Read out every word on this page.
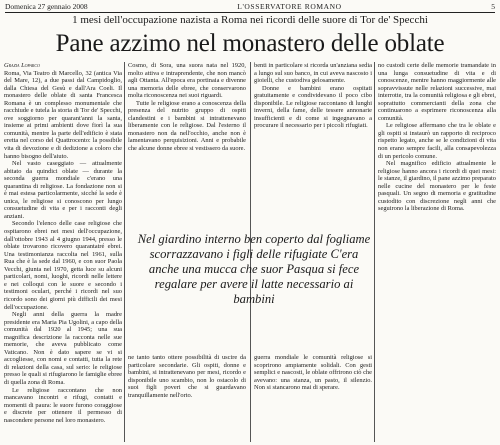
Domenica 27 gennaio 2008	L'OSSERVATORE ROMANO	5
1 mesi dell'occupazione nazista a Roma nei ricordi delle suore di Tor de' Specchi
Pane azzimo nel monastero delle oblate

Grazia Loparco

Roma, Via Teatro di Marcello, 32 (antica Via del Mare, 12), a due passi dal Campidoglio, dalla Chiesa del Gesù e dall'Ara Coeli. Il monastero delle oblate di santa Francesca Romana è un complesso monumentale che racchiude e tutela la storia di Tor de' Specchi, ove soggiorno per quarant'anni la santa, insieme ai primi ambienti dove fiorì la sua comunità, mentre la parte dell'edificio è stata eretta nel corso del Quattrocento: la possibile vita di devozione e di dedizione a coloro che hanno bisogno dell'aiuto.

Nel vasto caseggiato — attualmente abitato da quindici oblate — durante la seconda guerra mondiale c'erano una quarantina di religiose. La fondazione non si è mai estesa particolarmente, sicché la sede è unica, le religiose si conoscono per lungo consuetudine di vita e per i racconti degli anziani.

Secondo l'elenco delle case religiose che ospitarono ebrei nei mesi dell'occupazione, dall'ottobre 1943 al 4 giugno 1944, presso le oblate trovarono ricovero quarantatré ebrei. Una testimonianza raccolta nel 1961, sulla Rua che è la sede dal 1960, e con suor Paola Vecchi, giunta nel 1970, getta luce su alcuni particolari, nomi, luoghi, ricordi nelle lettere e nei colloqui con le suore e secondo i testimoni oculari, perché i ricordi nel suo ricordo sono dei giorni più difficili dei mesi dell'occupazione.

Negli anni della guerra la madre presidente era Maria Pia Ugolini, a capo della comunità dal 1920 al 1945; una sua magnifica descrizione la racconta nelle sue memorie, che aveva pubblicato come Vaticano. Non è dato sapere se vi si accogliesse, con nomi e contatti, tutta la rete di relazioni della casa, sul serio: le religiose presso le quali si rifugiarono le famiglie ebree di quella zona di Roma.

Le religiose raccontano che non mancavano incontri e rifugi, contatti e momenti di paura: le suore furono coraggiose e discrete per ottenere il permesso di nascondere persone nel loro monastero.

Cosmo, di Sora, una suora nata nel 1920, molto attiva e intraprendente, che non mancò agli Ottanta. All'epoca era portinaia e divenne una memoria delle ebree, che conservarono molta riconoscenza nei suoi riguardi.

Tutte le religiose erano a conoscenza della presenza del nutrito gruppo di ospiti clandestini e i bambini si intrattenevano liberamente con le religiose. Dal l'esterno il monastero non da nell'occhio, anche non è lamentavano perquisizioni. Anni e probabile che alcune donne ebree si vestissero da suore.

benti in particolare si ricorda un'anziana sedia a lungo sul suo banco, in cui aveva nascosto i gioielli, che custodiva gelosamente.

Donne e bambini erano ospitati gratuitamente e condividevano il poco cibo disponibile. Le religiose raccontano di lunghi inverni, della fame, delle tessere annonarie insufficienti e di come si ingegnavano a procurare il necessario per i piccoli rifugiati.

Nel giardino interno ben coperto dal fogliame scorrazzavano i figli delle rifugiate C'era anche una mucca che suor Pasqua si fece regalare per avere il latte necessario ai bambini

ne tanto tanto ottere possibilità di uscire da particolare secondarie. Gli ospiti, donne e bambini, si intrattenevano per mesi, ricordo e disponibile uno scambio, non lo ostacolo di suoi figli poveri che si guardavano tranquillamente nell'orto.

guerra mondiale le comunità religiose si scoprirono ampiamente solidali. Con gesti semplici e nascosti, le oblate offrirono ciò che avevano: una stanza, un pasto, il silenzio. Non si stancarono mai di sperare.

no custodi certe delle memorie tramandate in una lunga consuetudine di vita e di conoscenze, mentre hanno maggiormente alle sopravvissute nelle relazioni successive, mai interrotte, tra la comunità religiosa e gli ebrei, soprattutto commercianti della zona che continuarono a esprimere riconoscenza alla comunità.

Le religiose affermano che tra le oblate e gli ospiti si instaurò un rapporto di reciproco rispetto legato, anche se le condizioni di vita non erano sempre facili, alla consapevolezza di un pericolo comune.

Nel magnifico edificio attualmente le religiose hanno ancora i ricordi di quei mesi: le stanze, il giardino, il pane azzimo preparato nelle cucine del monastero per le feste pasquali. Un segno di memoria e gratitudine custodito con discrezione negli anni che seguirono la liberazione di Roma.
